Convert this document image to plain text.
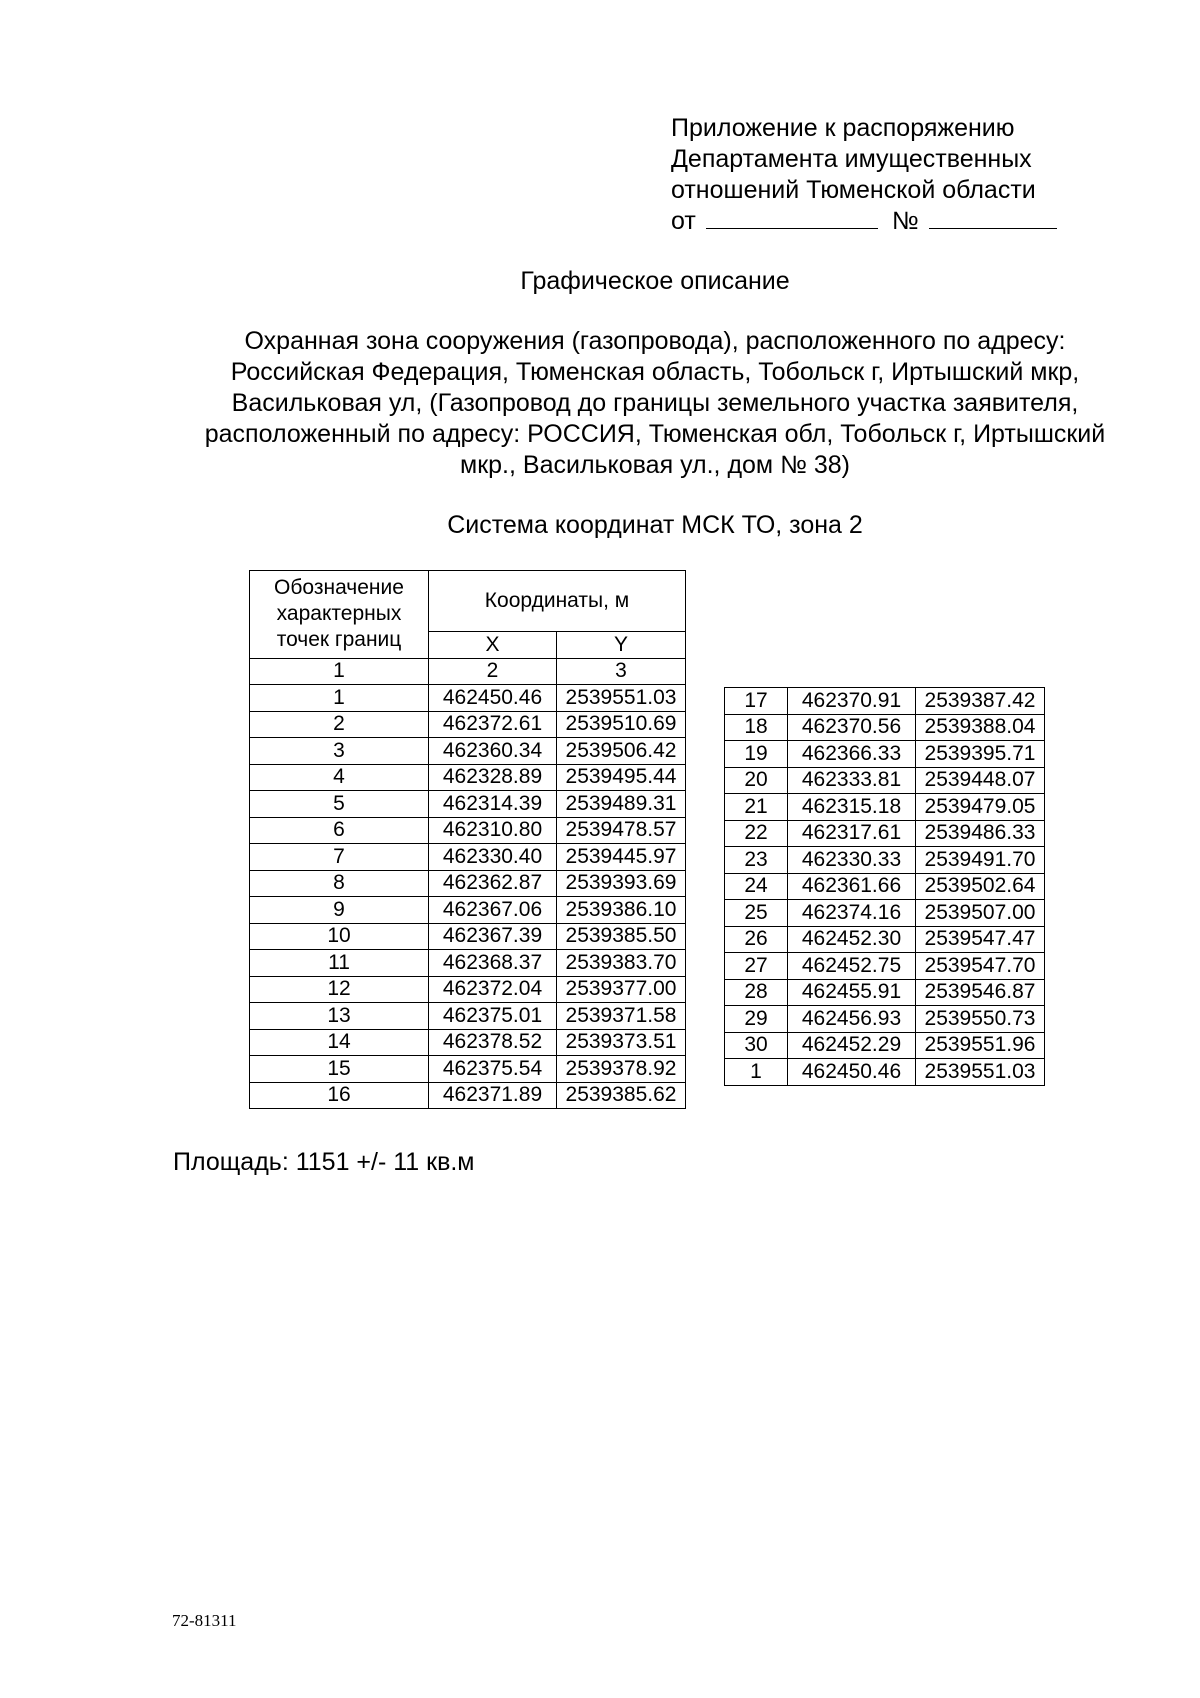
Приложение к распоряжению
Департамента имущественных
отношений Тюменской области
от	№
Графическое описание
Охранная зона сооружения (газопровода), расположенного по адресу:
Российская Федерация, Тюменская область, Тобольск г, Иртышский мкр,
Васильковая ул, (Газопровод до границы земельного участка заявителя,
расположенный по адресу: РОССИЯ, Тюменская обл, Тобольск г, Иртышский
мкр., Васильковая ул., дом № 38)
Система координат МСК ТО, зона 2
Обозначение
характерных
точек границ	Координаты, м	
	X	Y
1	2	3
1	462450.46	2539551.03
2	462372.61	2539510.69
3	462360.34	2539506.42
4	462328.89	2539495.44
5	462314.39	2539489.31
6	462310.80	2539478.57
7	462330.40	2539445.97
8	462362.87	2539393.69
9	462367.06	2539386.10
10	462367.39	2539385.50
11	462368.37	2539383.70
12	462372.04	2539377.00
13	462375.01	2539371.58
14	462378.52	2539373.51
15	462375.54	2539378.92
16	462371.89	2539385.62
17	462370.91	2539387.42
18	462370.56	2539388.04
19	462366.33	2539395.71
20	462333.81	2539448.07
21	462315.18	2539479.05
22	462317.61	2539486.33
23	462330.33	2539491.70
24	462361.66	2539502.64
25	462374.16	2539507.00
26	462452.30	2539547.47
27	462452.75	2539547.70
28	462455.91	2539546.87
29	462456.93	2539550.73
30	462452.29	2539551.96
1	462450.46	2539551.03
Площадь: 1151 +/- 11 кв.м
72-81311
